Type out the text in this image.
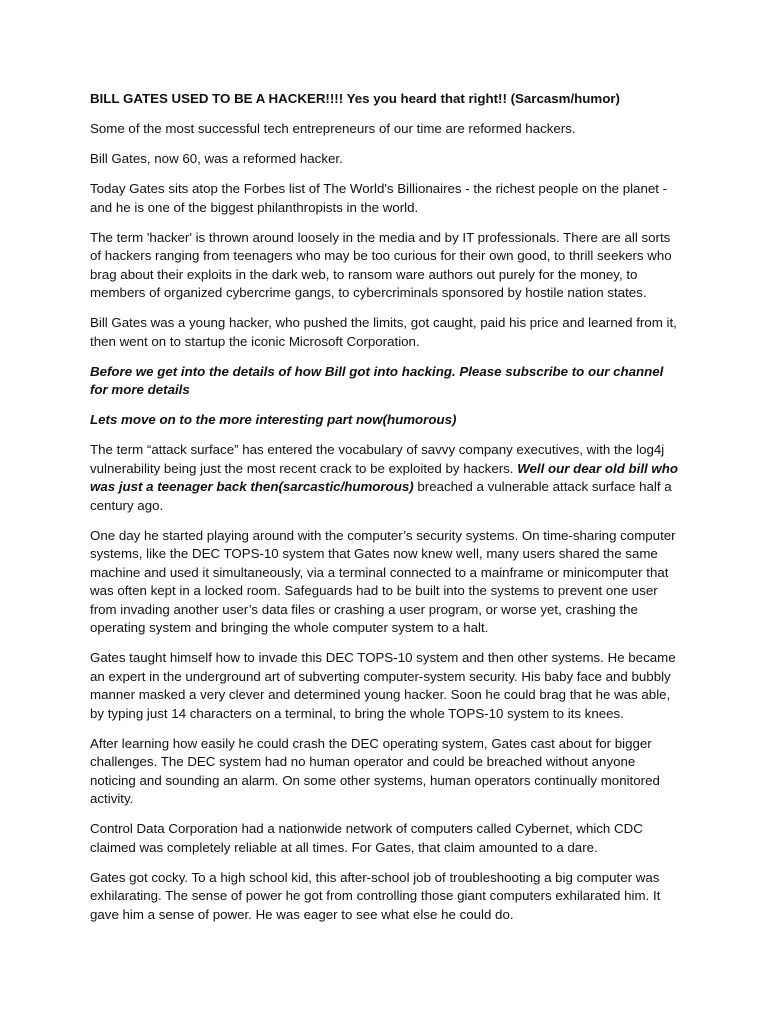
BILL GATES USED TO BE A HACKER!!!! Yes you heard that right!! (Sarcasm/humor)

Some of the most successful tech entrepreneurs of our time are reformed hackers.

Bill Gates, now 60, was a reformed hacker.

Today Gates sits atop the Forbes list of The World's Billionaires - the richest people on the planet - and he is one of the biggest philanthropists in the world.

The term 'hacker' is thrown around loosely in the media and by IT professionals. There are all sorts of hackers ranging from teenagers who may be too curious for their own good, to thrill seekers who brag about their exploits in the dark web, to ransom ware authors out purely for the money, to members of organized cybercrime gangs, to cybercriminals sponsored by hostile nation states.

Bill Gates was a young hacker, who pushed the limits, got caught, paid his price and learned from it, then went on to startup the iconic Microsoft Corporation.

Before we get into the details of how Bill got into hacking. Please subscribe to our channel for more details

Lets move on to the more interesting part now(humorous)

The term “attack surface” has entered the vocabulary of savvy company executives, with the log4j vulnerability being just the most recent crack to be exploited by hackers. Well our dear old bill who was just a teenager back then(sarcastic/humorous) breached a vulnerable attack surface half a century ago.

One day he started playing around with the computer’s security systems. On time-sharing computer systems, like the DEC TOPS-10 system that Gates now knew well, many users shared the same machine and used it simultaneously, via a terminal connected to a mainframe or minicomputer that was often kept in a locked room. Safeguards had to be built into the systems to prevent one user from invading another user’s data files or crashing a user program, or worse yet, crashing the operating system and bringing the whole computer system to a halt.

Gates taught himself how to invade this DEC TOPS-10 system and then other systems. He became an expert in the underground art of subverting computer-system security. His baby face and bubbly manner masked a very clever and determined young hacker. Soon he could brag that he was able, by typing just 14 characters on a terminal, to bring the whole TOPS-10 system to its knees.

After learning how easily he could crash the DEC operating system, Gates cast about for bigger challenges. The DEC system had no human operator and could be breached without anyone noticing and sounding an alarm. On some other systems, human operators continually monitored activity.

Control Data Corporation had a nationwide network of computers called Cybernet, which CDC claimed was completely reliable at all times. For Gates, that claim amounted to a dare.

Gates got cocky. To a high school kid, this after-school job of troubleshooting a big computer was exhilarating. The sense of power he got from controlling those giant computers exhilarated him. It gave him a sense of power. He was eager to see what else he could do.
